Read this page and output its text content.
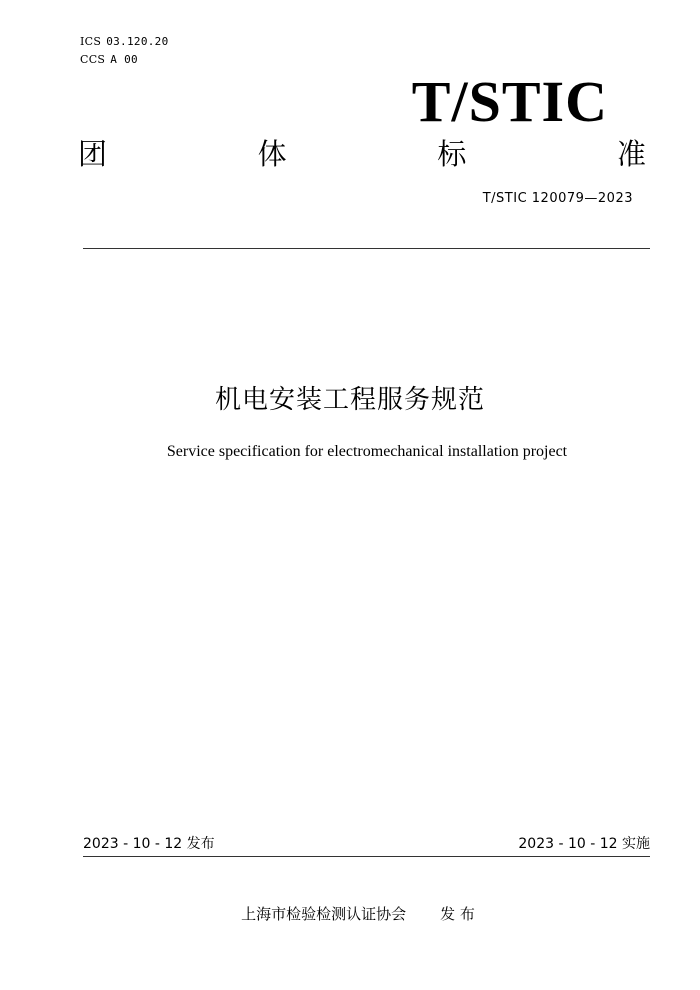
ICS 03.120.20
CCS A 00
T/STIC
团	体	标	准
T/STIC 120079—2023
机电安装工程服务规范
Service specification for electromechanical installation project
2023 - 10 - 12 发布	2023 - 10 - 12 实施
上海市检验检测认证协会 发 布
